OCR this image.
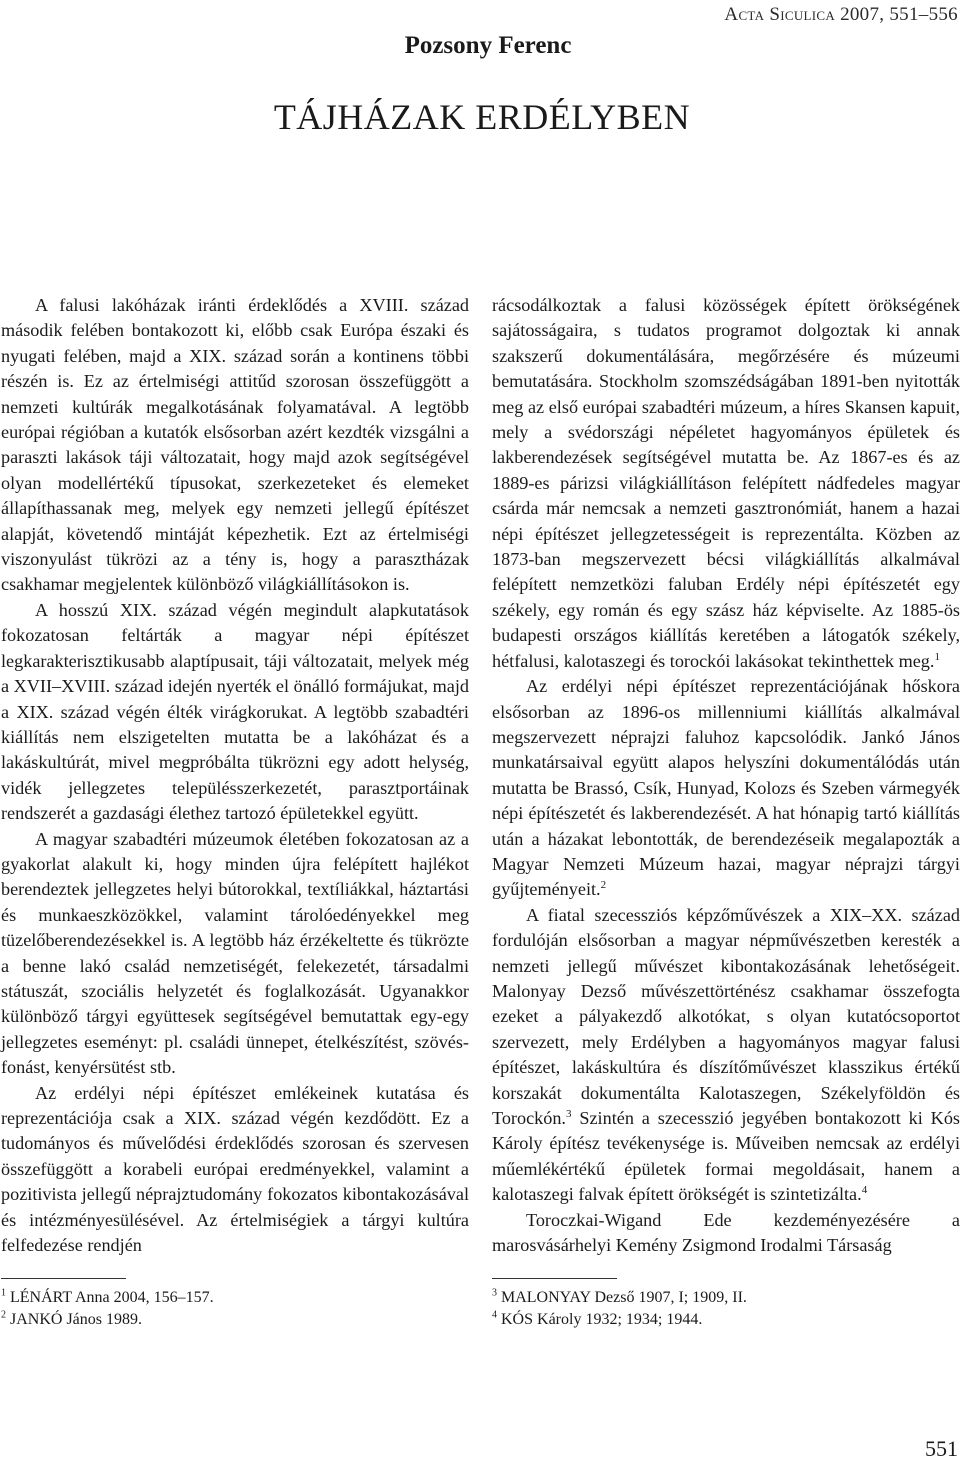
Acta Siculica 2007, 551–556
Pozsony Ferenc
TÁJHÁZAK ERDÉLYBEN

A falusi lakóházak iránti érdeklődés a XVIII. század második felében bontakozott ki, előbb csak Európa északi és nyugati felében, majd a XIX. század során a kontinens többi részén is. Ez az értelmiségi attitűd szorosan összefüggött a nemzeti kultúrák megalkotásának folyamatával. A legtöbb európai régióban a kutatók elsősorban azért kezdték vizsgálni a paraszti lakások táji változatait, hogy majd azok segítségével olyan modellértékű típusokat, szerkezeteket és elemeket állapíthassanak meg, melyek egy nemzeti jellegű építészet alapját, követendő mintáját képezhetik. Ezt az értelmiségi viszonyulást tükrözi az a tény is, hogy a parasztházak csakhamar megjelentek különböző világkiállításokon is.

A hosszú XIX. század végén megindult alapkutatások fokozatosan feltárták a magyar népi építészet legkarakterisztikusabb alaptípusait, táji változatait, melyek még a XVII–XVIII. század idején nyerték el önálló formájukat, majd a XIX. század végén élték virágkorukat. A legtöbb szabadtéri kiállítás nem elszigetelten mutatta be a lakóházat és a lakáskultúrát, mivel megpróbálta tükrözni egy adott helység, vidék jellegzetes településszerkezetét, parasztportáinak rendszerét a gazdasági élethez tartozó épületekkel együtt.

A magyar szabadtéri múzeumok életében fokozatosan az a gyakorlat alakult ki, hogy minden újra felépített hajlékot berendeztek jellegzetes helyi bútorokkal, textíliákkal, háztartási és munkaeszközökkel, valamint tárolóedényekkel meg tüzelőberendezésekkel is. A legtöbb ház érzékeltette és tükrözte a benne lakó család nemzetiségét, felekezetét, társadalmi státuszát, szociális helyzetét és foglalkozását. Ugyanakkor különböző tárgyi együttesek segítségével bemutattak egy-egy jellegzetes eseményt: pl. családi ünnepet, ételkészítést, szövés-fonást, kenyérsütést stb.

Az erdélyi népi építészet emlékeinek kutatása és reprezentációja csak a XIX. század végén kezdődött. Ez a tudományos és művelődési érdeklődés szorosan és szervesen összefüggött a korabeli európai eredményekkel, valamint a pozitivista jellegű néprajztudomány fokozatos kibontakozásával és intézményesülésével. Az értelmiségiek a tárgyi kultúra felfedezése rendjén

rácsodálkoztak a falusi közösségek épített örökségének sajátosságaira, s tudatos programot dolgoztak ki annak szakszerű dokumentálására, megőrzésére és múzeumi bemutatására. Stockholm szomszédságában 1891-ben nyitották meg az első európai szabadtéri múzeum, a híres Skansen kapuit, mely a svédországi népéletet hagyományos épületek és lakberendezések segítségével mutatta be. Az 1867-es és az 1889-es párizsi világkiállításon felépített nádfedeles magyar csárda már nemcsak a nemzeti gasztronómiát, hanem a hazai népi építészet jellegzetességeit is reprezentálta. Közben az 1873-ban megszervezett bécsi világkiállítás alkalmával felépített nemzetközi faluban Erdély népi építészetét egy székely, egy román és egy szász ház képviselte. Az 1885-ös budapesti országos kiállítás keretében a látogatók székely, hétfalusi, kalotaszegi és torockói lakásokat tekinthettek meg.$^1$

Az erdélyi népi építészet reprezentációjának hőskora elsősorban az 1896-os millenniumi kiállítás alkalmával megszervezett néprajzi faluhoz kapcsolódik. Jankó János munkatársaival együtt alapos helyszíni dokumentálódás után mutatta be Brassó, Csík, Hunyad, Kolozs és Szeben vármegyék népi építészetét és lakberendezését. A hat hónapig tartó kiállítás után a házakat lebontották, de berendezéseik megalapozták a Magyar Nemzeti Múzeum hazai, magyar néprajzi tárgyi gyűjteményeit.$^2$

A fiatal szecessziós képzőművészek a XIX–XX. század fordulóján elsősorban a magyar népművészetben keresték a nemzeti jellegű művészet kibontakozásának lehetőségeit. Malonyay Dezső művészettörténész csakhamar összefogta ezeket a pályakezdő alkotókat, s olyan kutatócsoportot szervezett, mely Erdélyben a hagyományos magyar falusi építészet, lakáskultúra és díszítőművészet klasszikus értékű korszakát dokumentálta Kalotaszegen, Székelyföldön és Torockón.$^3$ Szintén a szecesszió jegyében bontakozott ki Kós Károly építész tevékenysége is. Műveiben nemcsak az erdélyi műemlékértékű épületek formai megoldásait, hanem a kalotaszegi falvak épített örökségét is szintetizálta.$^4$

Toroczkai-Wigand Ede kezdeményezésére a marosvásárhelyi Kemény Zsigmond Irodalmi Társaság

$^1$ LÉNÁRT Anna 2004, 156–157.
$^2$ JANKÓ János 1989.
$^3$ MALONYAY Dezső 1907, I; 1909, II.
$^4$ KÓS Károly 1932; 1934; 1944.
551
